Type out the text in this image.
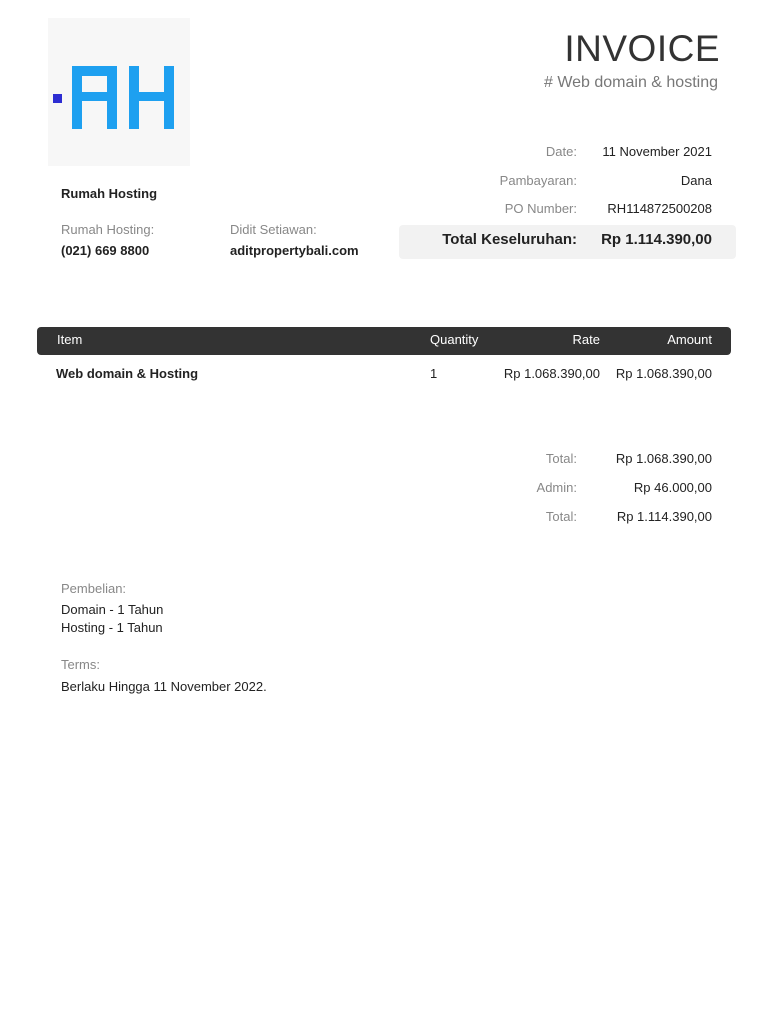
INVOICE
# Web domain & hosting
Date:	11 November 2021
Pambayaran:	Dana
PO Number:	RH114872500208
Total Keseluruhan:	Rp 1.114.390,00
Rumah Hosting
Rumah Hosting:
(021) 669 8800
Didit Setiawan:
aditpropertybali.com
Item	Quantity	Rate	Amount
Web domain & Hosting	1	Rp 1.068.390,00	Rp 1.068.390,00
Total:	Rp 1.068.390,00
Admin:	Rp 46.000,00
Total:	Rp 1.114.390,00
Pembelian:
Domain - 1 Tahun
Hosting - 1 Tahun
Terms:
Berlaku Hingga 11 November 2022.
